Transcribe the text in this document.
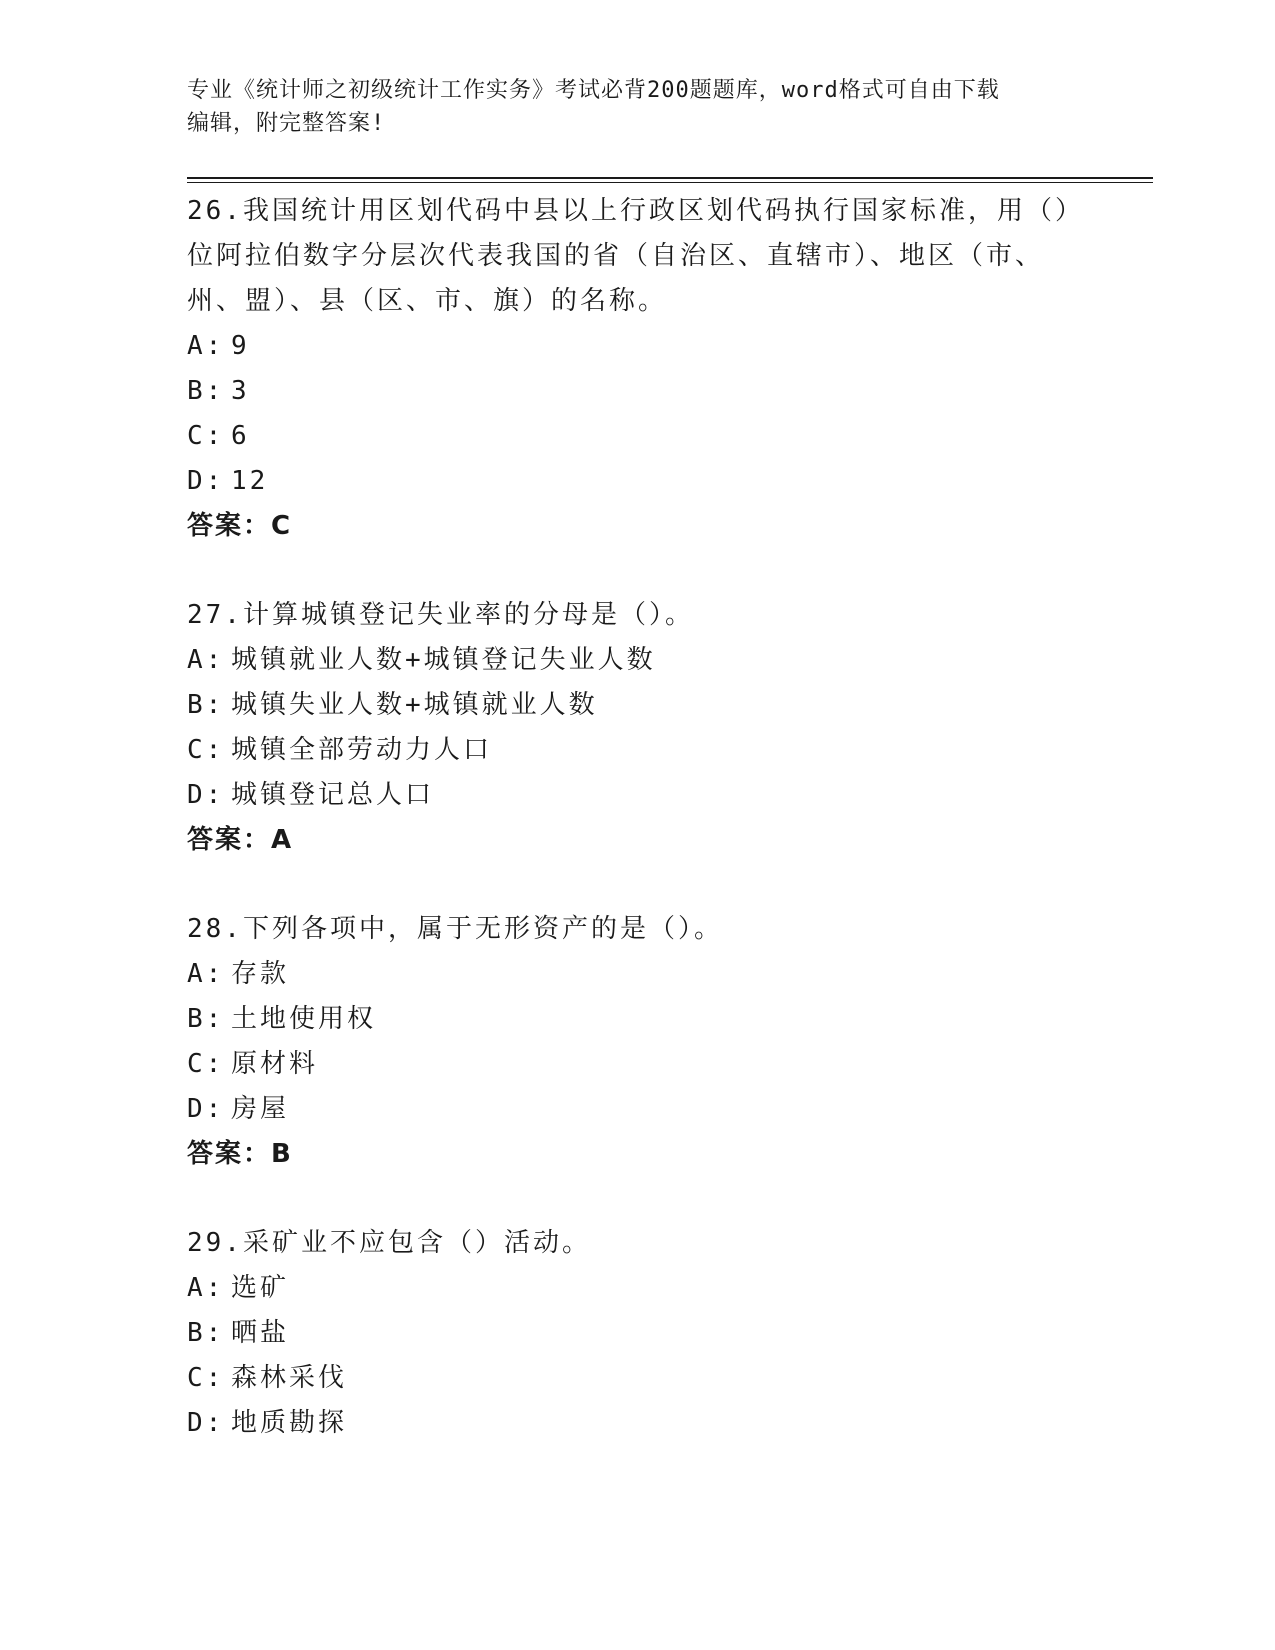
专业《统计师之初级统计工作实务》考试必背200题题库，word格式可自由下载
编辑，附完整答案!
26.我国统计用区划代码中县以上行政区划代码执行国家标准，用（）位阿拉伯数字分层次代表我国的省（自治区、直辖市）、地区（市、州、盟）、县（区、市、旗）的名称。
A: 9
B: 3
C: 6
D: 12
答案：C
27.计算城镇登记失业率的分母是（）。
A: 城镇就业人数+城镇登记失业人数
B: 城镇失业人数+城镇就业人数
C: 城镇全部劳动力人口
D: 城镇登记总人口
答案：A
28.下列各项中，属于无形资产的是（）。
A: 存款
B: 土地使用权
C: 原材料
D: 房屋
答案：B
29.采矿业不应包含（）活动。
A: 选矿
B: 晒盐
C: 森林采伐
D: 地质勘探
